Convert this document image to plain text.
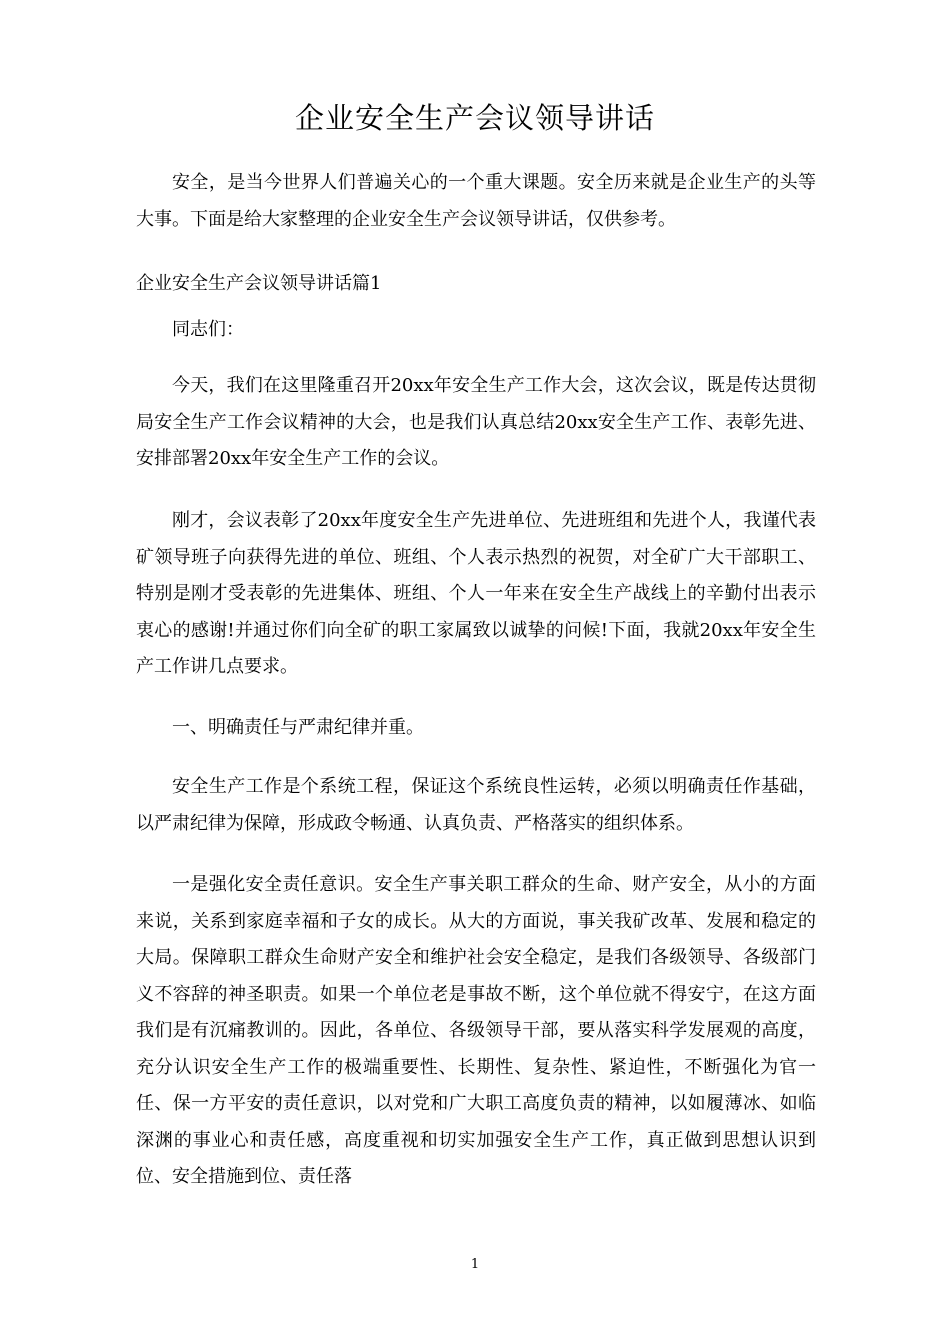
企业安全生产会议领导讲话

安全，是当今世界人们普遍关心的一个重大课题。安全历来就是企业生产的头等大事。下面是给大家整理的企业安全生产会议领导讲话，仅供参考。

企业安全生产会议领导讲话篇1

同志们：

今天，我们在这里隆重召开20xx年安全生产工作大会，这次会议，既是传达贯彻局安全生产工作会议精神的大会，也是我们认真总结20xx安全生产工作、表彰先进、安排部署20xx年安全生产工作的会议。

刚才，会议表彰了20xx年度安全生产先进单位、先进班组和先进个人，我谨代表矿领导班子向获得先进的单位、班组、个人表示热烈的祝贺，对全矿广大干部职工、特别是刚才受表彰的先进集体、班组、个人一年来在安全生产战线上的辛勤付出表示衷心的感谢!并通过你们向全矿的职工家属致以诚挚的问候!下面，我就20xx年安全生产工作讲几点要求。

一、明确责任与严肃纪律并重。

安全生产工作是个系统工程，保证这个系统良性运转，必须以明确责任作基础，以严肃纪律为保障，形成政令畅通、认真负责、严格落实的组织体系。

一是强化安全责任意识。安全生产事关职工群众的生命、财产安全，从小的方面来说，关系到家庭幸福和子女的成长。从大的方面说，事关我矿改革、发展和稳定的大局。保障职工群众生命财产安全和维护社会安全稳定，是我们各级领导、各级部门义不容辞的神圣职责。如果一个单位老是事故不断，这个单位就不得安宁，在这方面我们是有沉痛教训的。因此，各单位、各级领导干部，要从落实科学发展观的高度，充分认识安全生产工作的极端重要性、长期性、复杂性、紧迫性，不断强化为官一任、保一方平安的责任意识，以对党和广大职工高度负责的精神，以如履薄冰、如临深渊的事业心和责任感，高度重视和切实加强安全生产工作，真正做到思想认识到位、安全措施到位、责任落

1
